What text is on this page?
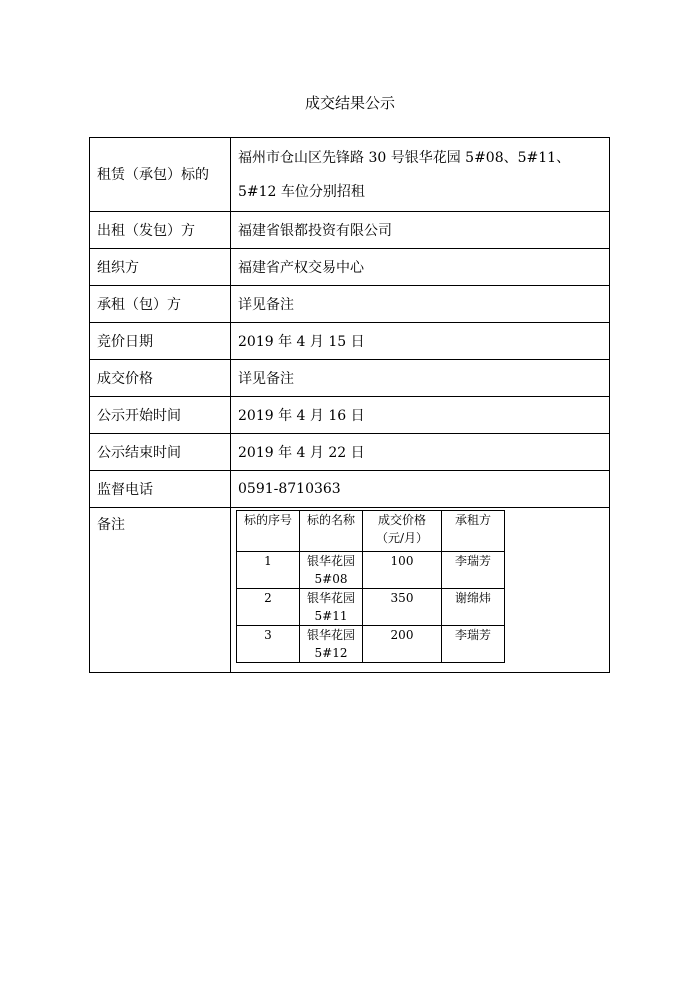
成交结果公示
租赁（承包）标的	福州市仓山区先锋路 30 号银华花园 5#08、5#11、5#12 车位分别招租
出租（发包）方	福建省银都投资有限公司
组织方	福建省产权交易中心
承租（包）方	详见备注
竞价日期	2019 年 4 月 15 日
成交价格	详见备注
公示开始时间	2019 年 4 月 16 日
公示结束时间	2019 年 4 月 22 日
监督电话	0591-8710363
备注		标的序号	标的名称	成交价格（元/月）	承租方
1	银华花园 5#08	100	李瑞芳
2	银华花园 5#11	350	谢绵炜
3	银华花园 5#12	200	李瑞芳
